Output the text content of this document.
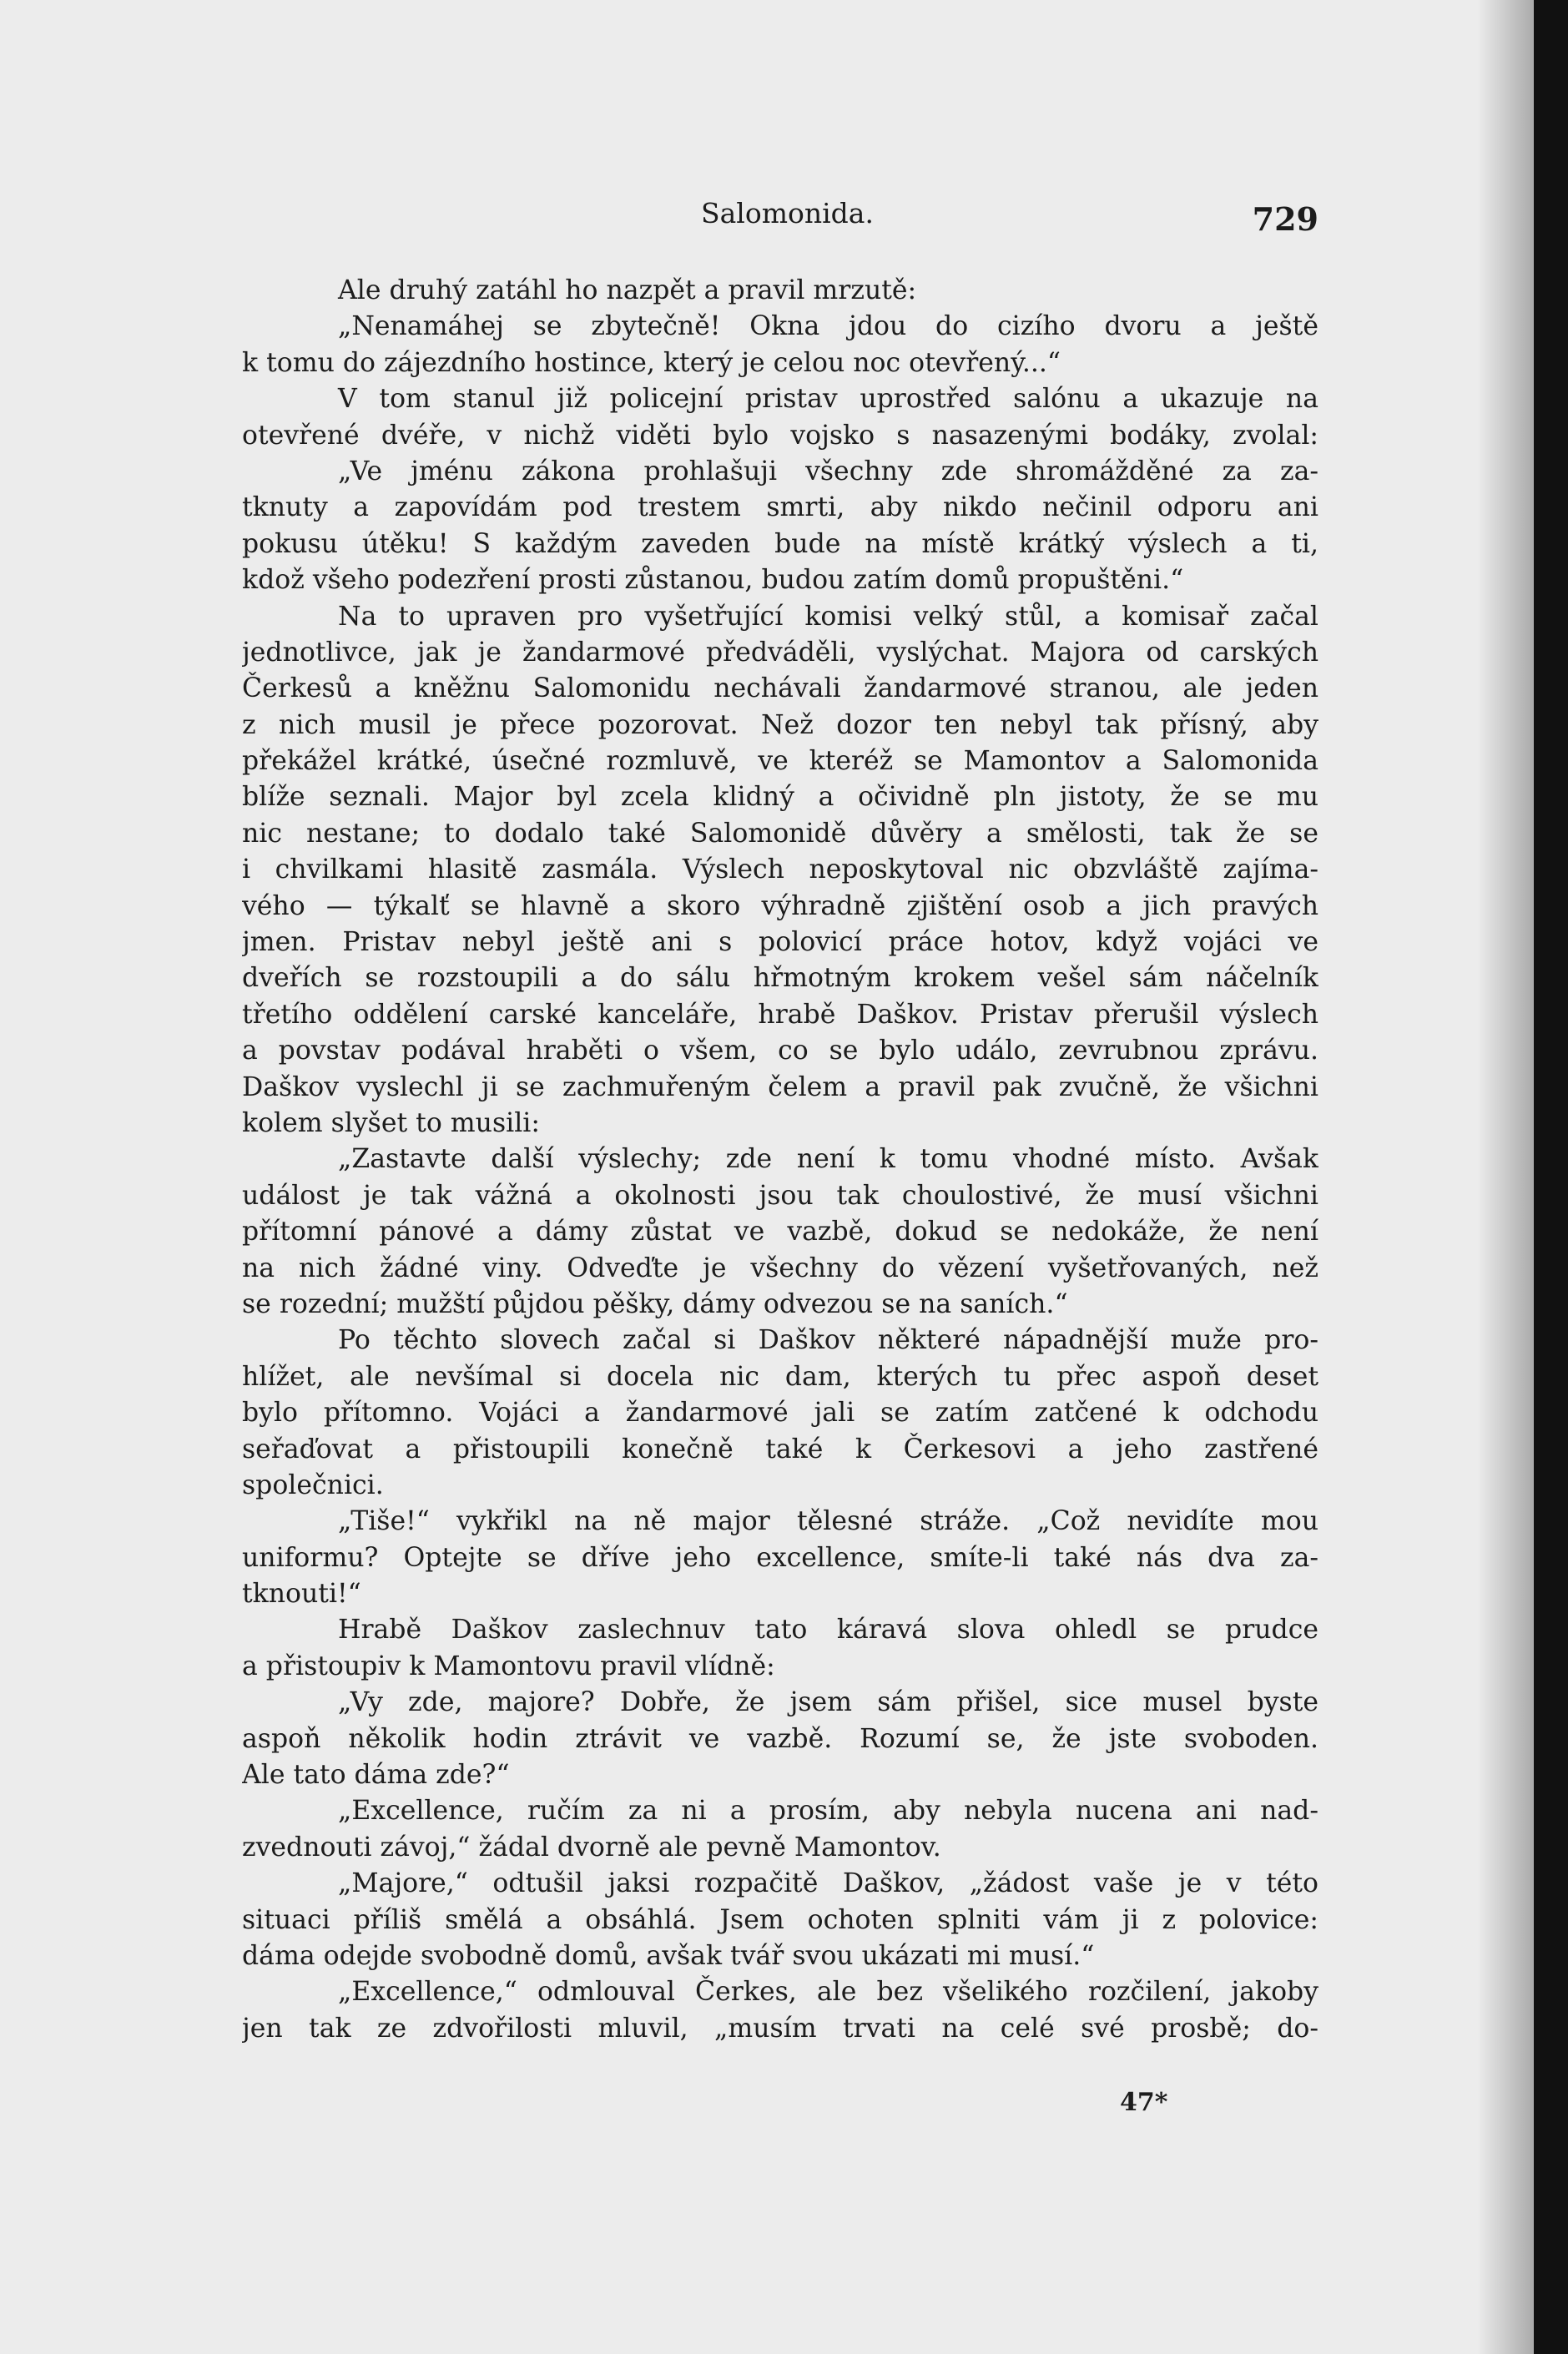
Salomonida.	729
Ale druhý zatáhl ho nazpět a pravil mrzutě:
„Nenamáhej se zbytečně! Okna jdou do cizího dvoru a ještě
k tomu do zájezdního hostince, který je celou noc otevřený...“
V tom stanul již policejní pristav uprostřed salónu a ukazuje na
otevřené dvéře, v nichž viděti bylo vojsko s nasazenými bodáky, zvolal:
„Ve jménu zákona prohlašuji všechny zde shromážděné za za-
tknuty a zapovídám pod trestem smrti, aby nikdo nečinil odporu ani
pokusu útěku! S každým zaveden bude na místě krátký výslech a ti,
kdož všeho podezření prosti zůstanou, budou zatím domů propuštěni.“
Na to upraven pro vyšetřující komisi velký stůl, a komisař začal
jednotlivce, jak je žandarmové předváděli, vyslýchat. Majora od carských
Čerkesů a kněžnu Salomonidu nechávali žandarmové stranou, ale jeden
z nich musil je přece pozorovat. Než dozor ten nebyl tak přísný, aby
překážel krátké, úsečné rozmluvě, ve kteréž se Mamontov a Salomonida
blíže seznali. Major byl zcela klidný a očividně pln jistoty, že se mu
nic nestane; to dodalo také Salomonidě důvěry a smělosti, tak že se
i chvilkami hlasitě zasmála. Výslech neposkytoval nic obzvláště zajíma-
vého — týkalť se hlavně a skoro výhradně zjištění osob a jich pravých
jmen. Pristav nebyl ještě ani s polovicí práce hotov, když vojáci ve
dveřích se rozstoupili a do sálu hřmotným krokem vešel sám náčelník
třetího oddělení carské kanceláře, hrabě Daškov. Pristav přerušil výslech
a povstav podával hraběti o všem, co se bylo událo, zevrubnou zprávu.
Daškov vyslechl ji se zachmuřeným čelem a pravil pak zvučně, že všichni
kolem slyšet to musili:
„Zastavte další výslechy; zde není k tomu vhodné místo. Avšak
událost je tak vážná a okolnosti jsou tak choulostivé, že musí všichni
přítomní pánové a dámy zůstat ve vazbě, dokud se nedokáže, že není
na nich žádné viny. Odveďte je všechny do vězení vyšetřovaných, než
se rozední; mužští půjdou pěšky, dámy odvezou se na saních.“
Po těchto slovech začal si Daškov některé nápadnější muže pro-
hlížet, ale nevšímal si docela nic dam, kterých tu přec aspoň deset
bylo přítomno. Vojáci a žandarmové jali se zatím zatčené k odchodu
seřaďovat a přistoupili konečně také k Čerkesovi a jeho zastřené
společnici.
„Tiše!“ vykřikl na ně major tělesné stráže. „Což nevidíte mou
uniformu? Optejte se dříve jeho excellence, smíte-li také nás dva za-
tknouti!“
Hrabě Daškov zaslechnuv tato káravá slova ohledl se prudce
a přistoupiv k Mamontovu pravil vlídně:
„Vy zde, majore? Dobře, že jsem sám přišel, sice musel byste
aspoň několik hodin ztrávit ve vazbě. Rozumí se, že jste svoboden.
Ale tato dáma zde?“
„Excellence, ručím za ni a prosím, aby nebyla nucena ani nad-
zvednouti závoj,“ žádal dvorně ale pevně Mamontov.
„Majore,“ odtušil jaksi rozpačitě Daškov, „žádost vaše je v této
situaci příliš smělá a obsáhlá. Jsem ochoten splniti vám ji z polovice:
dáma odejde svobodně domů, avšak tvář svou ukázati mi musí.“
„Excellence,“ odmlouval Čerkes, ale bez všelikého rozčilení, jakoby
jen tak ze zdvořilosti mluvil, „musím trvati na celé své prosbě; do-
47*
